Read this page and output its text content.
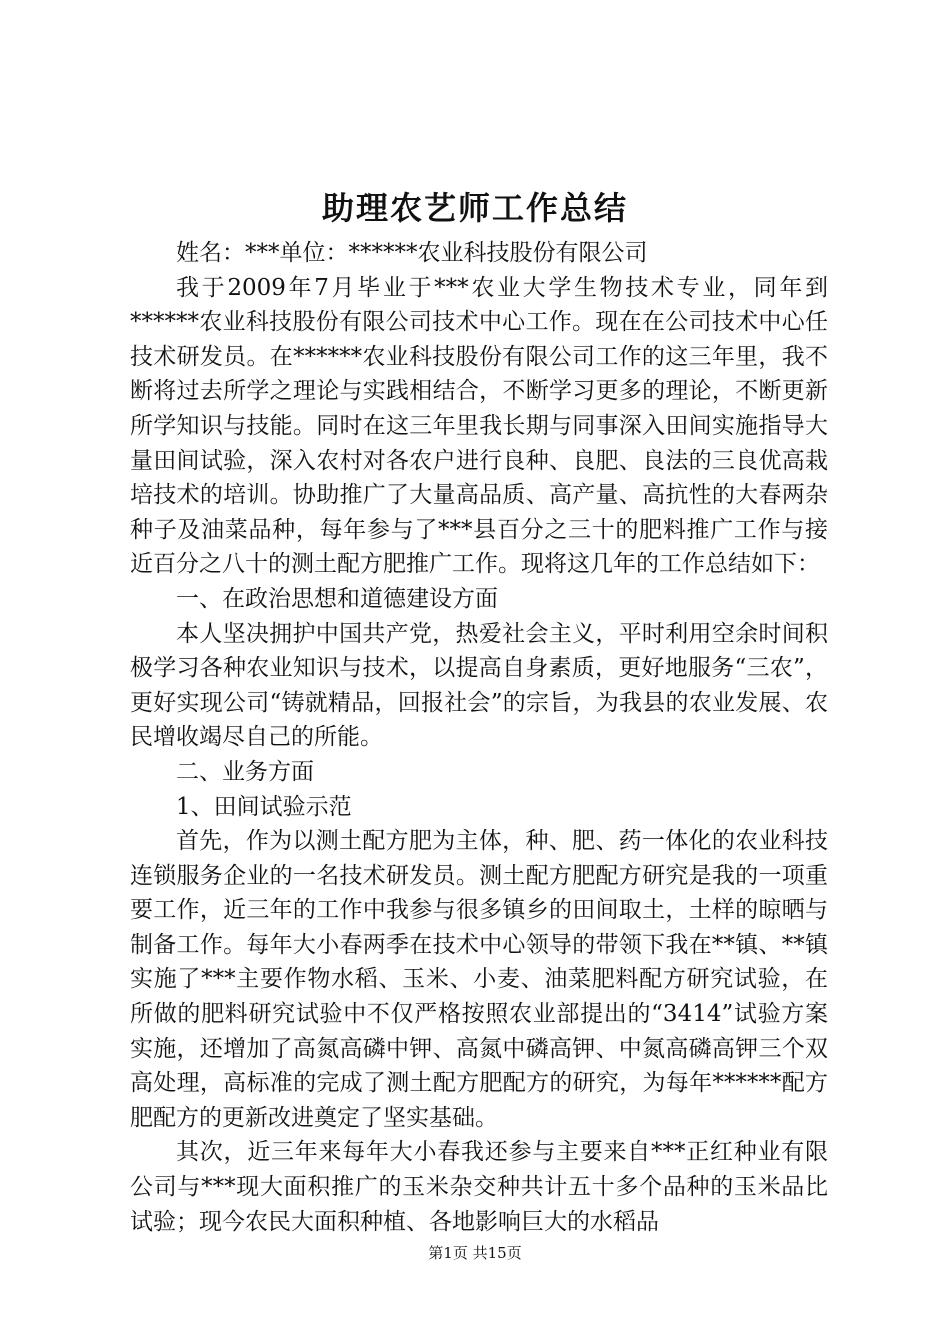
助理农艺师工作总结

姓名：***单位：******农业科技股份有限公司

我于2009年7月毕业于***农业大学生物技术专业，同年到******农业科技股份有限公司技术中心工作。现在在公司技术中心任技术研发员。在******农业科技股份有限公司工作的这三年里，我不断将过去所学之理论与实践相结合，不断学习更多的理论，不断更新所学知识与技能。同时在这三年里我长期与同事深入田间实施指导大量田间试验，深入农村对各农户进行良种、良肥、良法的三良优高栽培技术的培训。协助推广了大量高品质、高产量、高抗性的大春两杂种子及油菜品种，每年参与了***县百分之三十的肥料推广工作与接近百分之八十的测土配方肥推广工作。现将这几年的工作总结如下：

一、在政治思想和道德建设方面

本人坚决拥护中国共产党，热爱社会主义，平时利用空余时间积极学习各种农业知识与技术，以提高自身素质，更好地服务“三农”，更好实现公司“铸就精品，回报社会”的宗旨，为我县的农业发展、农民增收竭尽自己的所能。

二、业务方面

1、田间试验示范

首先，作为以测土配方肥为主体，种、肥、药一体化的农业科技连锁服务企业的一名技术研发员。测土配方肥配方研究是我的一项重要工作，近三年的工作中我参与很多镇乡的田间取土，土样的晾晒与制备工作。每年大小春两季在技术中心领导的带领下我在**镇、**镇实施了***主要作物水稻、玉米、小麦、油菜肥料配方研究试验，在所做的肥料研究试验中不仅严格按照农业部提出的“3414”试验方案实施，还增加了高氮高磷中钾、高氮中磷高钾、中氮高磷高钾三个双高处理，高标准的完成了测土配方肥配方的研究，为每年******配方肥配方的更新改进奠定了坚实基础。

其次，近三年来每年大小春我还参与主要来自***正红种业有限公司与***现大面积推广的玉米杂交种共计五十多个品种的玉米品比试验；现今农民大面积种植、各地影响巨大的水稻品

第1页 共15页
